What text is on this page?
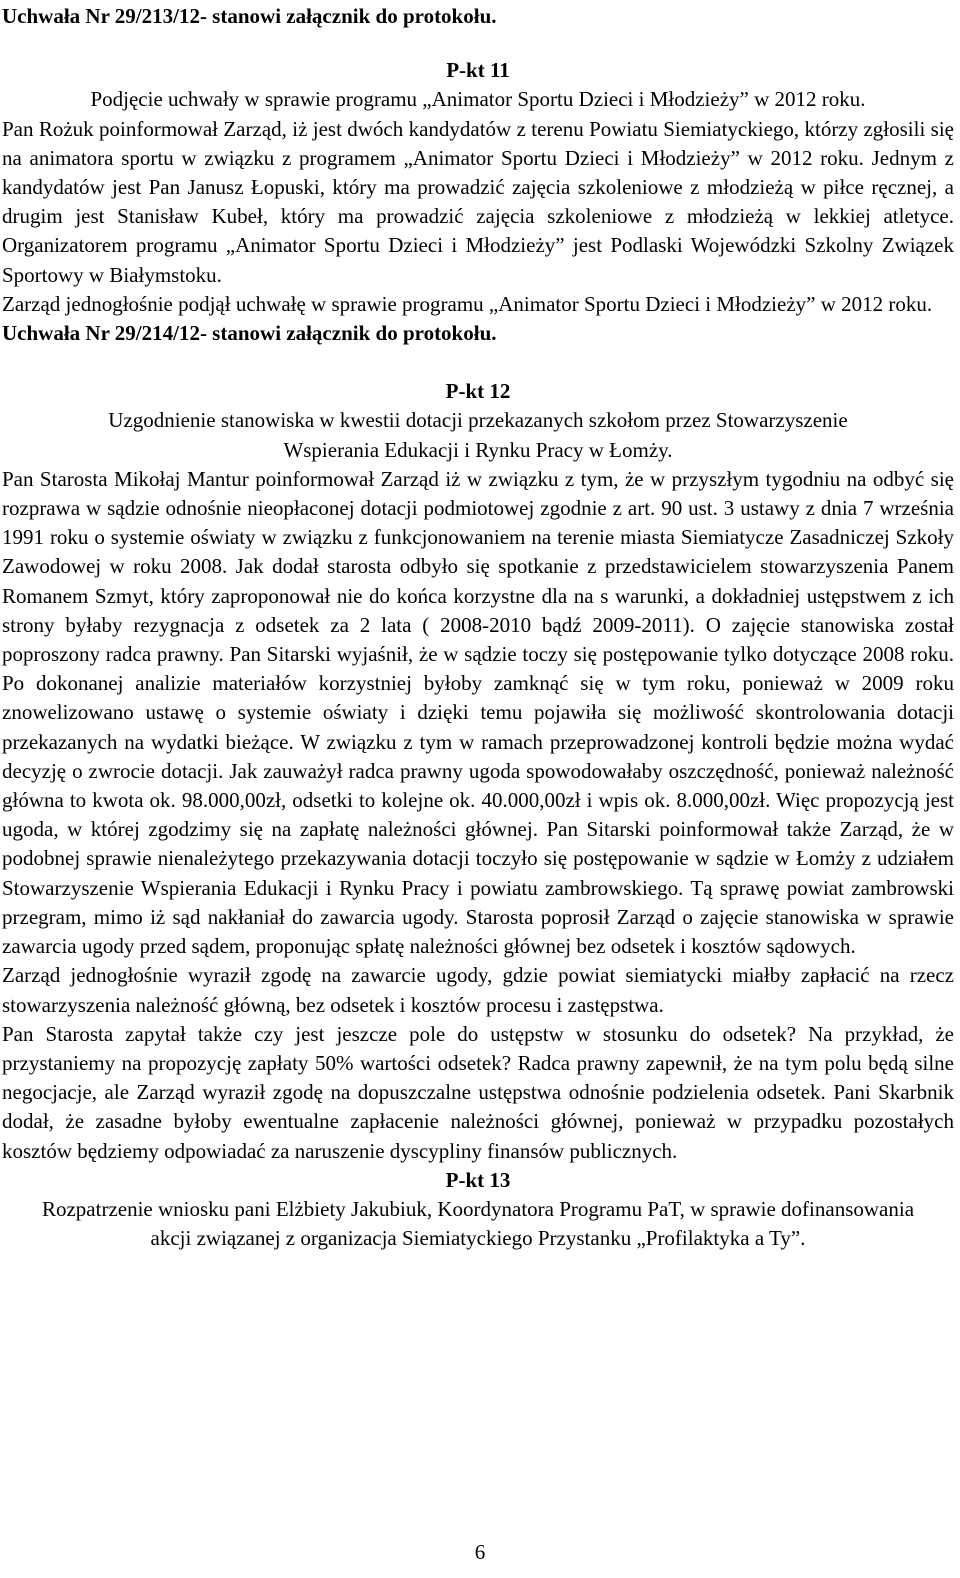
Uchwała Nr 29/213/12- stanowi załącznik do protokołu.

P-kt 11

Podjęcie uchwały w sprawie programu „Animator Sportu Dzieci i Młodzieży” w 2012 roku.

Pan Rożuk poinformował Zarząd, iż jest dwóch kandydatów z terenu Powiatu Siemiatyckiego, którzy zgłosili się na animatora sportu w związku z programem „Animator Sportu Dzieci i Młodzieży” w 2012 roku. Jednym z kandydatów jest Pan Janusz Łopuski, który ma prowadzić zajęcia szkoleniowe z młodzieżą w piłce ręcznej, a drugim jest Stanisław Kubeł, który ma prowadzić zajęcia szkoleniowe z młodzieżą w lekkiej atletyce. Organizatorem programu „Animator Sportu Dzieci i Młodzieży” jest Podlaski Wojewódzki Szkolny Związek Sportowy w Białymstoku.

Zarząd jednogłośnie podjął uchwałę w sprawie programu „Animator Sportu Dzieci i Młodzieży” w 2012 roku.

Uchwała Nr 29/214/12- stanowi załącznik do protokołu.

P-kt 12

Uzgodnienie stanowiska w kwestii dotacji przekazanych szkołom przez Stowarzyszenie

Wspierania Edukacji i Rynku Pracy w Łomży.

Pan Starosta Mikołaj Mantur poinformował Zarząd iż w związku z tym, że w przyszłym tygodniu na odbyć się rozprawa w sądzie odnośnie nieopłaconej dotacji podmiotowej zgodnie z art. 90 ust. 3 ustawy z dnia 7 września 1991 roku o systemie oświaty w związku z funkcjonowaniem na terenie miasta Siemiatycze Zasadniczej Szkoły Zawodowej w roku 2008. Jak dodał starosta odbyło się spotkanie z przedstawicielem stowarzyszenia Panem Romanem Szmyt, który zaproponował nie do końca korzystne dla na s warunki, a dokładniej ustępstwem z ich strony byłaby rezygnacja z odsetek za 2 lata ( 2008-2010 bądź 2009-2011). O zajęcie stanowiska został poproszony radca prawny. Pan Sitarski wyjaśnił, że w sądzie toczy się postępowanie tylko dotyczące 2008 roku. Po dokonanej analizie materiałów korzystniej byłoby zamknąć się w tym roku, ponieważ w 2009 roku znowelizowano ustawę o systemie oświaty i dzięki temu pojawiła się możliwość skontrolowania dotacji przekazanych na wydatki bieżące. W związku z tym w ramach przeprowadzonej kontroli będzie można wydać decyzję o zwrocie dotacji. Jak zauważył radca prawny ugoda spowodowałaby oszczędność, ponieważ należność główna to kwota ok. 98.000,00zł, odsetki to kolejne ok. 40.000,00zł i wpis ok. 8.000,00zł. Więc propozycją jest ugoda, w której zgodzimy się na zapłatę należności głównej. Pan Sitarski poinformował także Zarząd, że w podobnej sprawie nienależytego przekazywania dotacji toczyło się postępowanie w sądzie w Łomży z udziałem Stowarzyszenie Wspierania Edukacji i Rynku Pracy i powiatu zambrowskiego. Tą sprawę powiat zambrowski przegram, mimo iż sąd nakłaniał do zawarcia ugody. Starosta poprosił Zarząd o zajęcie stanowiska w sprawie zawarcia ugody przed sądem, proponując spłatę należności głównej bez odsetek i kosztów sądowych.

Zarząd jednogłośnie wyraził zgodę na zawarcie ugody, gdzie powiat siemiatycki miałby zapłacić na rzecz stowarzyszenia należność główną, bez odsetek i kosztów procesu i zastępstwa.

Pan Starosta zapytał także czy jest jeszcze pole do ustępstw w stosunku do odsetek? Na przykład, że przystaniemy na propozycję zapłaty 50% wartości odsetek? Radca prawny zapewnił, że na tym polu będą silne negocjacje, ale Zarząd wyraził zgodę na dopuszczalne ustępstwa odnośnie podzielenia odsetek. Pani Skarbnik dodał, że zasadne byłoby ewentualne zapłacenie należności głównej, ponieważ w przypadku pozostałych kosztów będziemy odpowiadać za naruszenie dyscypliny finansów publicznych.

P-kt 13

Rozpatrzenie wniosku pani Elżbiety Jakubiuk, Koordynatora Programu PaT, w sprawie dofinansowania akcji związanej z organizacja Siemiatyckiego Przystanku „Profilaktyka a Ty”.

6
